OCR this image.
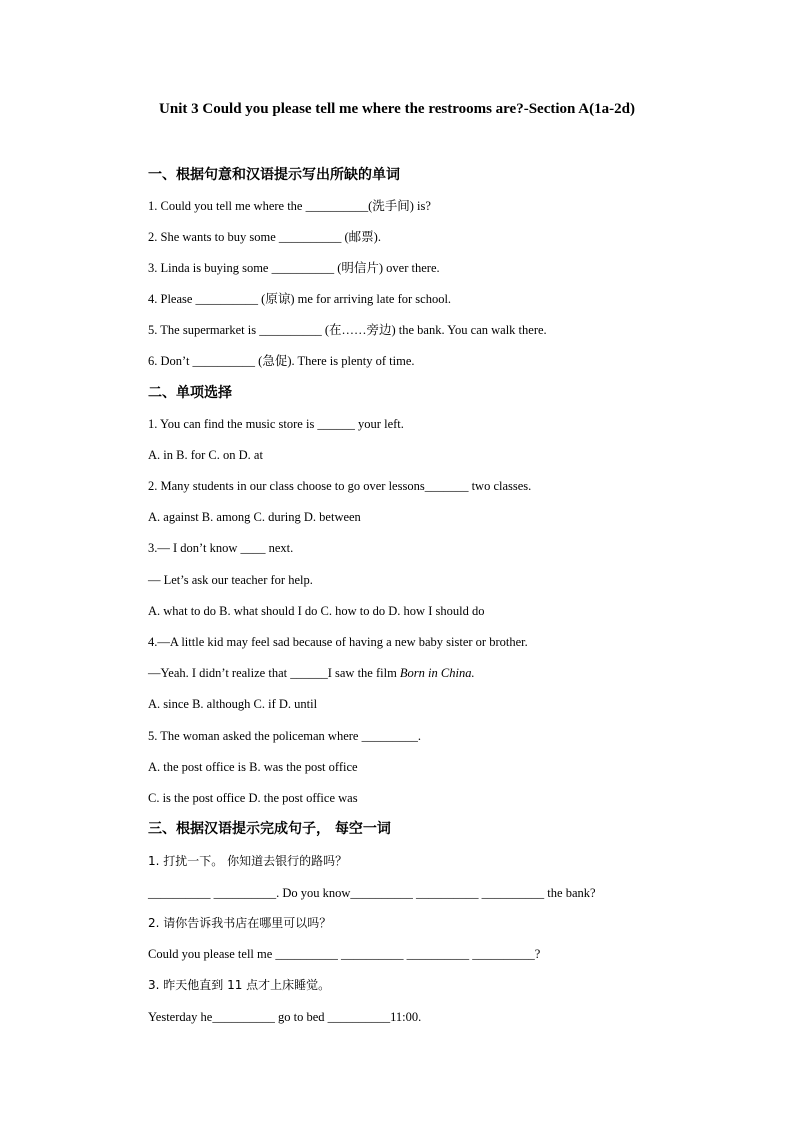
Unit 3 Could you please tell me where the restrooms are?-Section A(1a-2d)
一、根据句意和汉语提示写出所缺的单词
1. Could you tell me where the __________(洗手间) is?
2. She wants to buy some __________ (邮票).
3. Linda is buying some __________ (明信片) over there.
4. Please __________ (原谅) me for arriving late for school.
5. The supermarket is __________ (在……旁边) the bank. You can walk there.
6. Don’t __________ (急促). There is plenty of time.
二、单项选择
1. You can find the music store is ______ your left.
A. in B. for C. on D. at
2. Many students in our class choose to go over lessons_______ two classes.
A. against B. among C. during D. between
3.— I don’t know ____ next.
— Let’s ask our teacher for help.
A. what to do B. what should I do C. how to do D. how I should do
4.—A little kid may feel sad because of having a new baby sister or brother.
—Yeah. I didn’t realize that ______I saw the film Born in China.
A. since B. although C. if D. until
5. The woman asked the policeman where _________.
A. the post office is B. was the post office
C. is the post office D. the post office was
三、根据汉语提示完成句子， 每空一词
1. 打扰一下。 你知道去银行的路吗？
__________ __________. Do you know__________ __________ __________ the bank?
2. 请你告诉我书店在哪里可以吗？
Could you please tell me __________ __________ __________ __________?
3. 昨天他直到 11 点才上床睡觉。
Yesterday he__________ go to bed __________11:00.
